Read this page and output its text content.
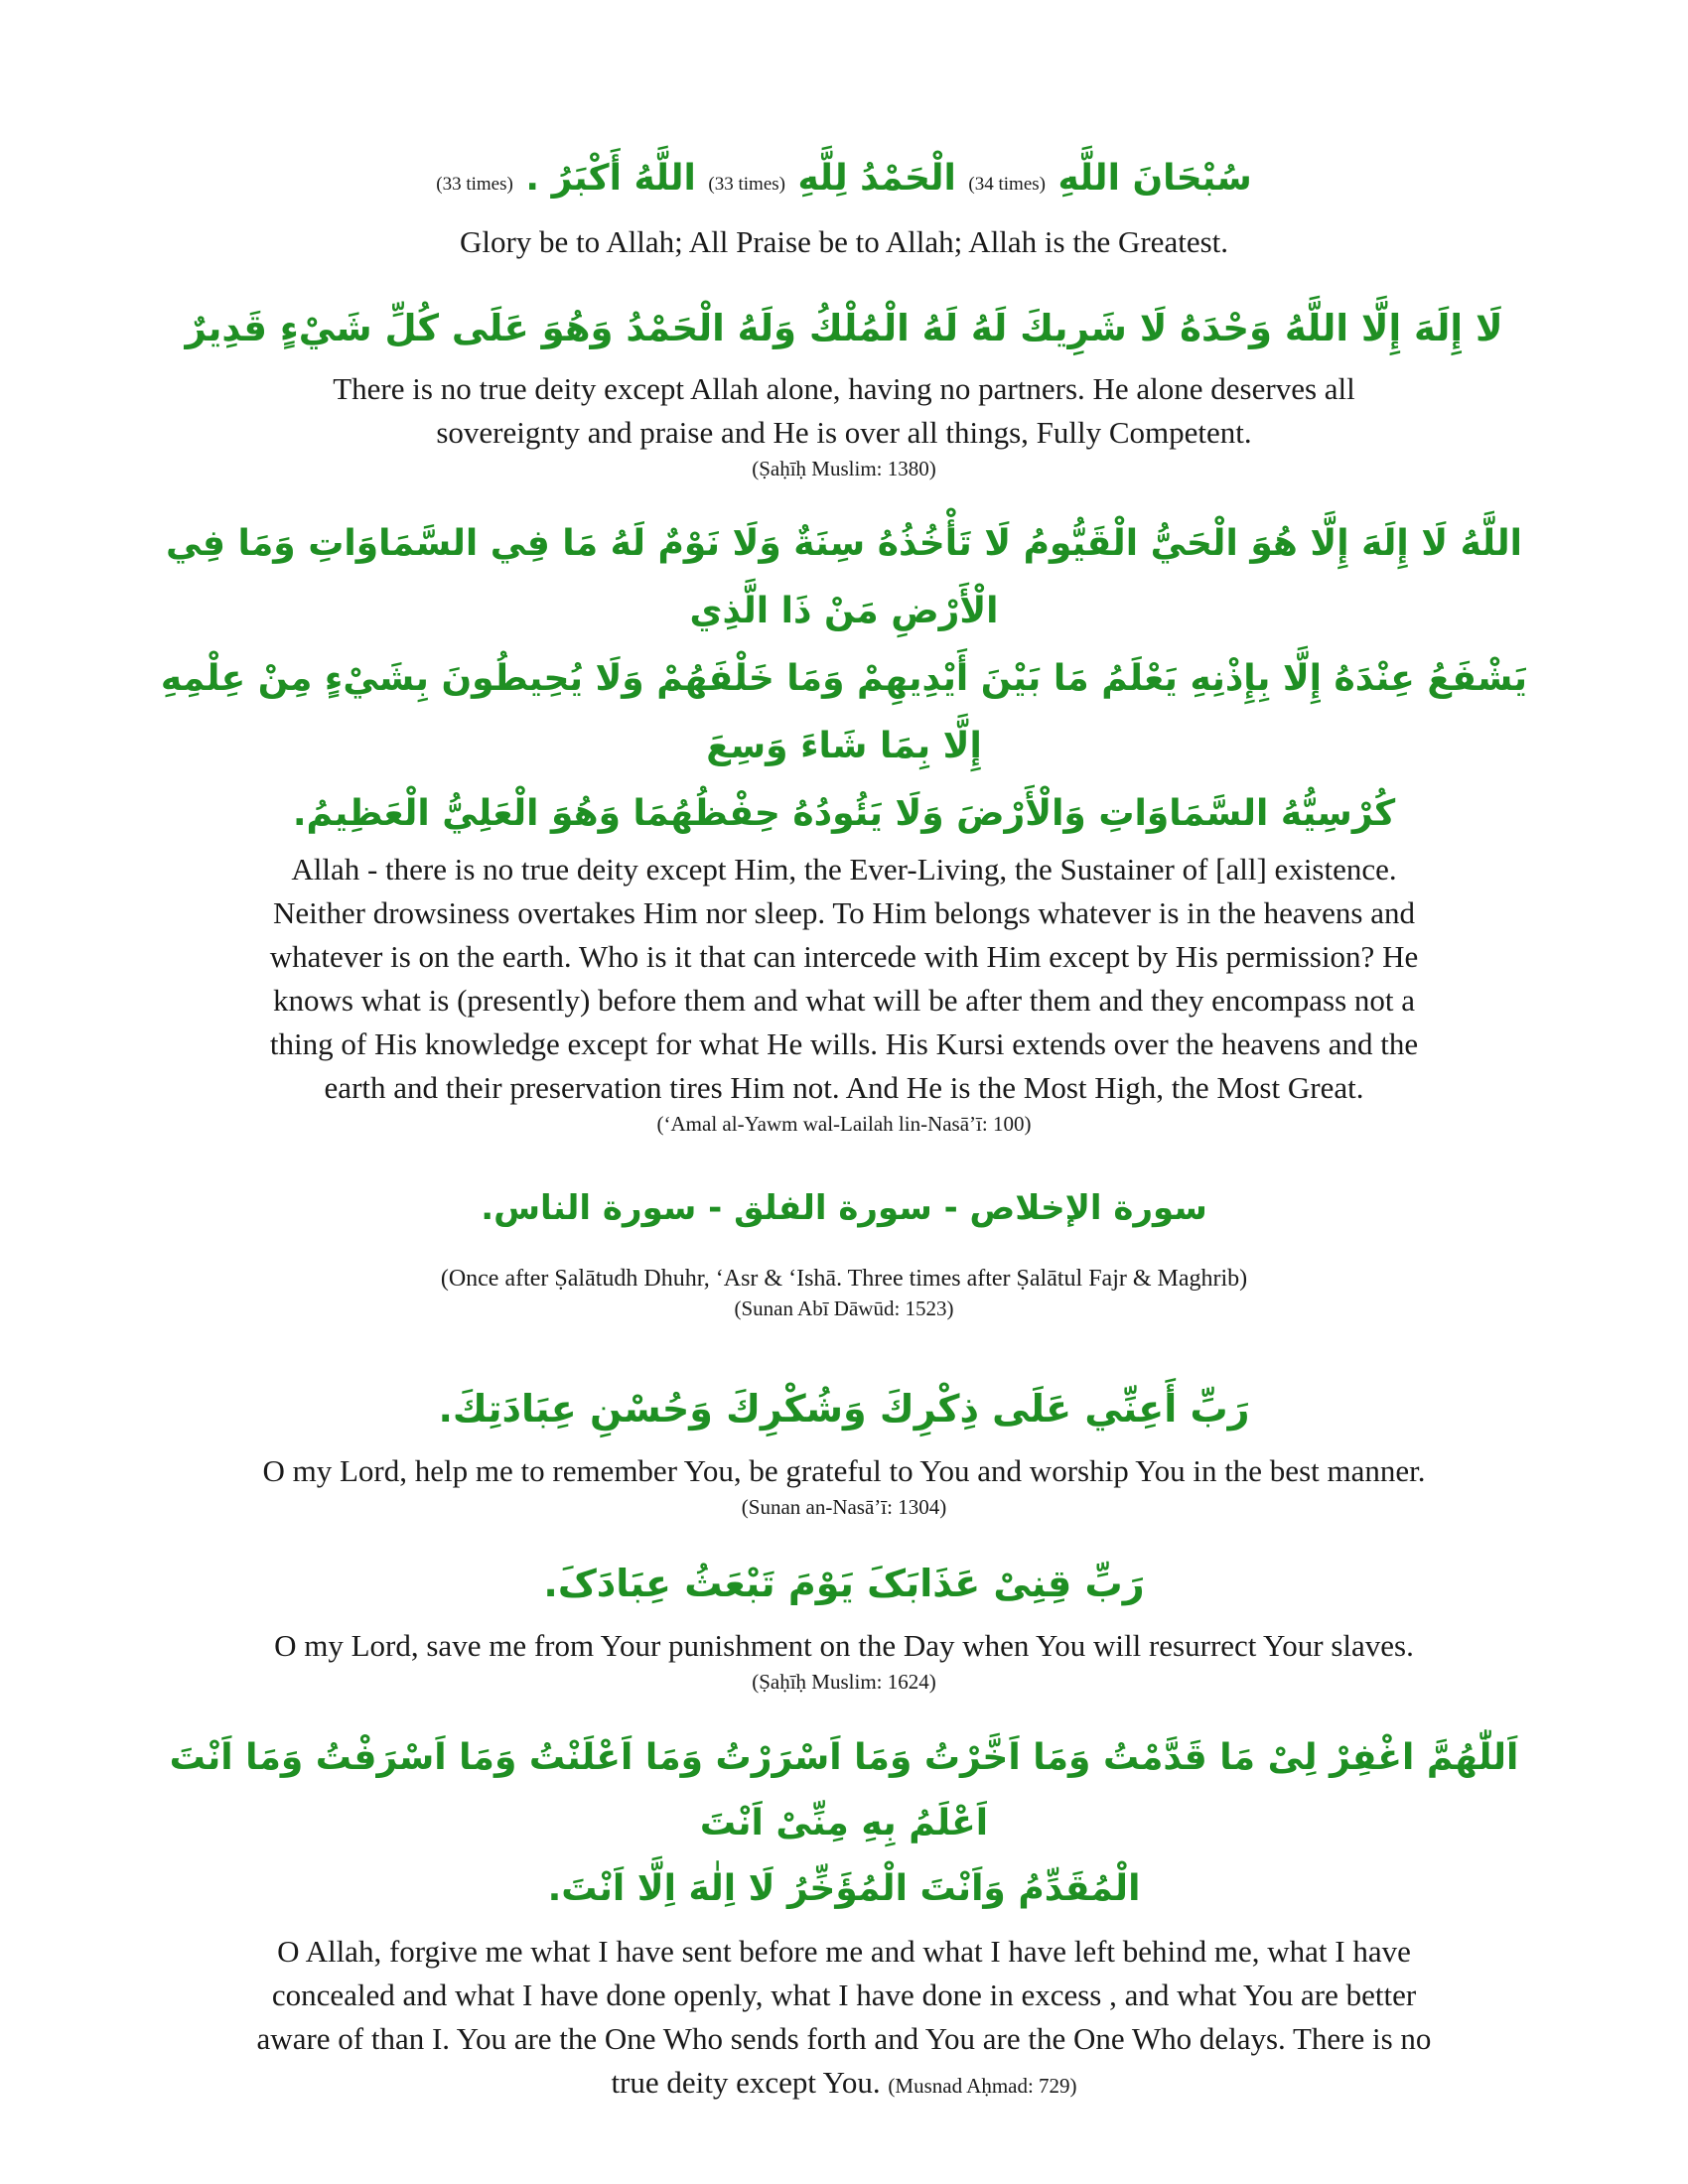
سُبْحَانَ اللَّهِ (34 times) الْحَمْدُ لِلَّهِ (33 times) اللَّهُ أَكْبَرُ . (33 times)
Glory be to Allah; All Praise be to Allah; Allah is the Greatest.
لَا إِلَهَ إِلَّا اللَّهُ وَحْدَهُ لَا شَرِيكَ لَهُ لَهُ الْمُلْكُ وَلَهُ الْحَمْدُ وَهُوَ عَلَى كُلِّ شَيْءٍ قَدِيرٌ
There is no true deity except Allah alone, having no partners. He alone deserves all
sovereignty and praise and He is over all things, Fully Competent.
(Ṣaḥīḥ Muslim: 1380)
اللَّهُ لَا إِلَهَ إِلَّا هُوَ الْحَيُّ الْقَيُّومُ لَا تَأْخُذُهُ سِنَةٌ وَلَا نَوْمٌ لَهُ مَا فِي السَّمَاوَاتِ وَمَا فِي الْأَرْضِ مَنْ ذَا الَّذِي
يَشْفَعُ عِنْدَهُ إِلَّا بِإِذْنِهِ يَعْلَمُ مَا بَيْنَ أَيْدِيهِمْ وَمَا خَلْفَهُمْ وَلَا يُحِيطُونَ بِشَيْءٍ مِنْ عِلْمِهِ إِلَّا بِمَا شَاءَ وَسِعَ
كُرْسِيُّهُ السَّمَاوَاتِ وَالْأَرْضَ وَلَا يَئُودُهُ حِفْظُهُمَا وَهُوَ الْعَلِيُّ الْعَظِيمُ.
Allah - there is no true deity except Him, the Ever-Living, the Sustainer of [all] existence.
Neither drowsiness overtakes Him nor sleep. To Him belongs whatever is in the heavens and
whatever is on the earth. Who is it that can intercede with Him except by His permission? He
knows what is (presently) before them and what will be after them and they encompass not a
thing of His knowledge except for what He wills. His Kursi extends over the heavens and the
earth and their preservation tires Him not. And He is the Most High, the Most Great.
(‘Amal al-Yawm wal-Lailah lin-Nasā’ī: 100)
سورة الإخلاص - سورة الفلق - سورة الناس.
(Once after Ṣalātudh Dhuhr, ‘Asr & ‘Ishā. Three times after Ṣalātul Fajr & Maghrib)
(Sunan Abī Dāwūd: 1523)
رَبِّ أَعِنِّي عَلَى ذِكْرِكَ وَشُكْرِكَ وَحُسْنِ عِبَادَتِكَ.
O my Lord, help me to remember You, be grateful to You and worship You in the best manner.
(Sunan an-Nasā’ī: 1304)
رَبِّ قِنِىْ عَذَابَکَ يَوْمَ تَبْعَثُ عِبَادَکَ.
O my Lord, save me from Your punishment on the Day when You will resurrect Your slaves.
(Ṣaḥīḥ Muslim: 1624)
اَللّٰهُمَّ اغْفِرْ لِىْ مَا قَدَّمْتُ وَمَا اَخَّرْتُ وَمَا اَسْرَرْتُ وَمَا اَعْلَنْتُ وَمَا اَسْرَفْتُ وَمَا اَنْتَ اَعْلَمُ بِهِ مِنِّىْ اَنْتَ
الْمُقَدِّمُ وَاَنْتَ الْمُؤَخِّرُ لَا اِلٰهَ اِلَّا اَنْتَ.
O Allah, forgive me what I have sent before me and what I have left behind me, what I have
concealed and what I have done openly, what I have done in excess , and what You are better
aware of than I. You are the One Who sends forth and You are the One Who delays. There is no
true deity except You. (Musnad Aḥmad: 729)
